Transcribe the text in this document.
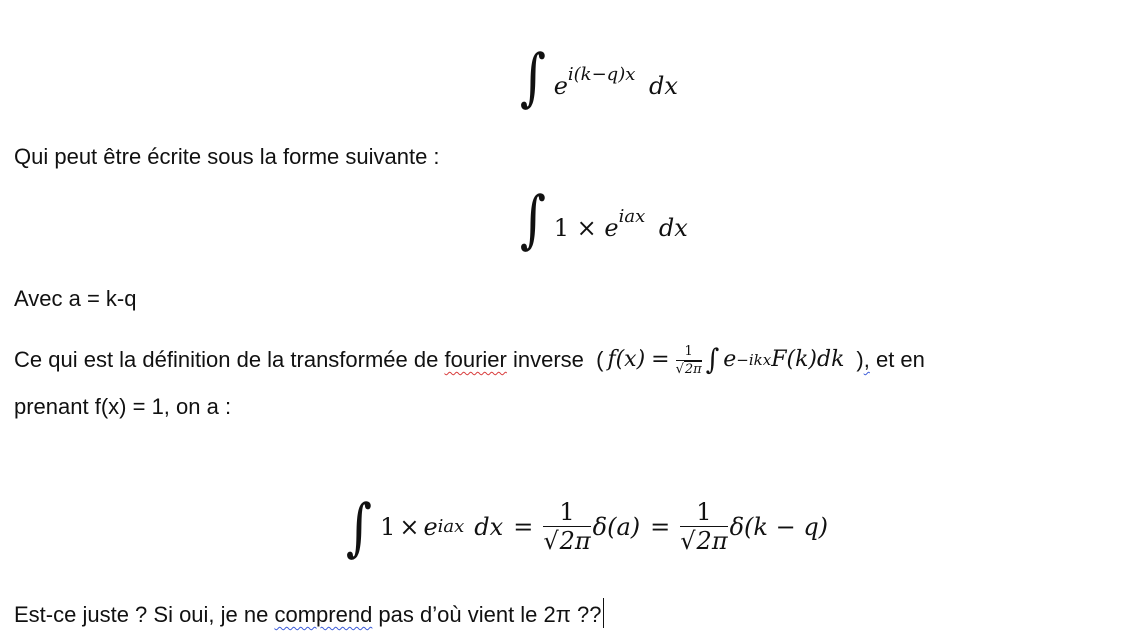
∫ $e^{i(k-q)x}$ dx
Qui peut être écrite sous la forme suivante :
∫ $1 \times e^{iax}$ dx
Avec a = k-q
Ce qui est la définition de la transformée de fourier inverse  ( $f(x) = \frac{1}{√2\pi}$ ∫ e −ikx F(k)dk ) , et en
prenant f(x) = 1, on a :
∫ 1 × e iax dx = $\frac{1}{√2\pi} \delta(a) = \frac{1}{√2\pi} \delta(k - q)$
Est-ce juste ? Si oui, je ne comprend pas d’où vient le 2π ??
